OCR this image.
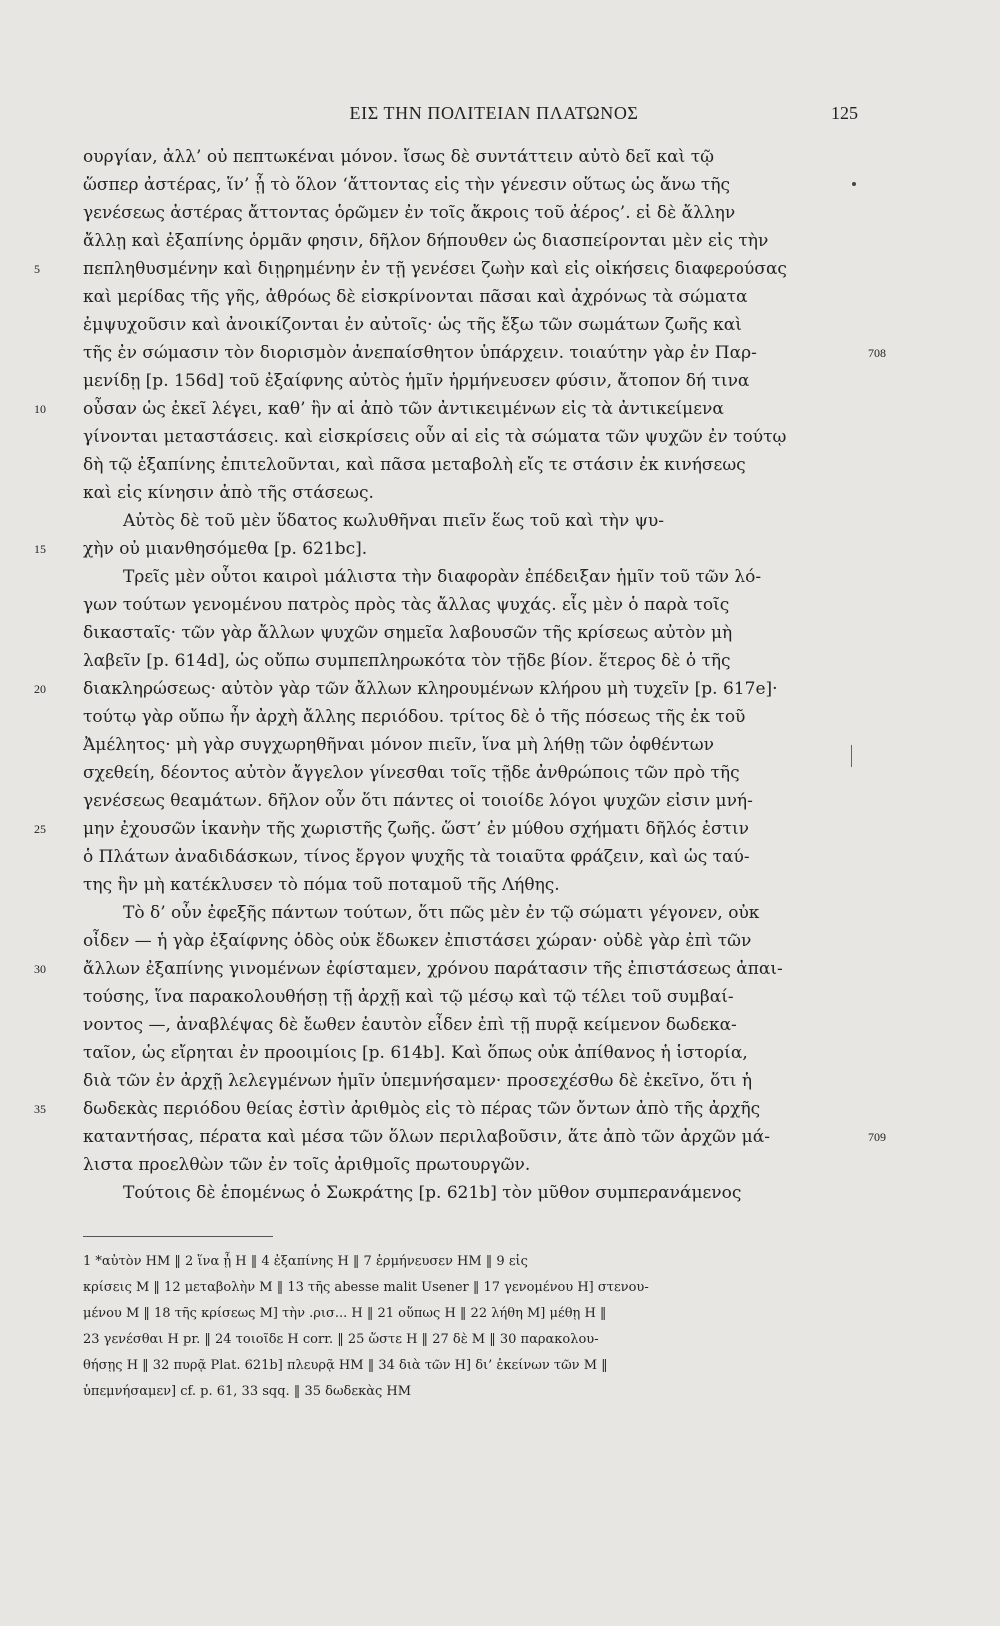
ΕΙΣ ΤΗΝ ΠΟΛΙΤΕΙΑΝ ΠΛΑΤΩΝΟΣ	125
ουργίαν, ἀλλ’ οὐ πεπτωκέναι μόνον. ἴσως δὲ συντάττειν αὐτὸ δεῖ καὶ τῷ
ὥσπερ ἀστέρας, ἵν’ ᾖ τὸ ὅλον ‘ἄττοντας εἰς τὴν γένεσιν οὕτως ὡς ἄνω τῆς
γενέσεως ἀστέρας ἄττοντας ὁρῶμεν ἐν τοῖς ἄκροις τοῦ ἀέρος’. εἰ δὲ ἄλλην
ἄλλῃ καὶ ἐξαπίνης ὁρμᾶν φησιν, δῆλον δήπουθεν ὡς διασπείρονται μὲν εἰς τὴν
πεπληθυσμένην καὶ διῃρημένην ἐν τῇ γενέσει ζωὴν καὶ εἰς οἰκήσεις διαφερούσας
καὶ μερίδας τῆς γῆς, ἀθρόως δὲ εἰσκρίνονται πᾶσαι καὶ ἀχρόνως τὰ σώματα
ἐμψυχοῦσιν καὶ ἀνοικίζονται ἐν αὐτοῖς· ὡς τῆς ἔξω τῶν σωμάτων ζωῆς καὶ
τῆς ἐν σώμασιν τὸν διορισμὸν ἀνεπαίσθητον ὑπάρχειν. τοιαύτην γὰρ ἐν Παρ-
μενίδῃ [p. 156d] τοῦ ἐξαίφνης αὐτὸς ἡμῖν ἡρμήνευσεν φύσιν, ἄτοπον δή τινα
οὖσαν ὡς ἐκεῖ λέγει, καθ’ ἣν αἱ ἀπὸ τῶν ἀντικειμένων εἰς τὰ ἀντικείμενα
γίνονται μεταστάσεις. καὶ εἰσκρίσεις οὖν αἱ εἰς τὰ σώματα τῶν ψυχῶν ἐν τούτῳ
δὴ τῷ ἐξαπίνης ἐπιτελοῦνται, καὶ πᾶσα μεταβολὴ εἴς τε στάσιν ἐκ κινήσεως
καὶ εἰς κίνησιν ἀπὸ τῆς στάσεως.
Αὐτὸς δὲ τοῦ μὲν ὕδατος κωλυθῆναι πιεῖν ἕως τοῦ καὶ τὴν ψυ-
χὴν οὐ μιανθησόμεθα [p. 621bc].
Τρεῖς μὲν οὗτοι καιροὶ μάλιστα τὴν διαφορὰν ἐπέδειξαν ἡμῖν τοῦ τῶν λό-
γων τούτων γενομένου πατρὸς πρὸς τὰς ἄλλας ψυχάς. εἷς μὲν ὁ παρὰ τοῖς
δικασταῖς· τῶν γὰρ ἄλλων ψυχῶν σημεῖα λαβουσῶν τῆς κρίσεως αὐτὸν μὴ
λαβεῖν [p. 614d], ὡς οὔπω συμπεπληρωκότα τὸν τῇδε βίον. ἕτερος δὲ ὁ τῆς
διακληρώσεως· αὐτὸν γὰρ τῶν ἄλλων κληρουμένων κλήρου μὴ τυχεῖν [p. 617e]·
τούτῳ γὰρ οὔπω ἦν ἀρχὴ ἄλλης περιόδου. τρίτος δὲ ὁ τῆς πόσεως τῆς ἐκ τοῦ
Ἀμέλητος· μὴ γὰρ συγχωρηθῆναι μόνον πιεῖν, ἵνα μὴ λήθῃ τῶν ὀφθέντων
σχεθείη, δέοντος αὐτὸν ἄγγελον γίνεσθαι τοῖς τῇδε ἀνθρώποις τῶν πρὸ τῆς
γενέσεως θεαμάτων. δῆλον οὖν ὅτι πάντες οἱ τοιοίδε λόγοι ψυχῶν εἰσιν μνή-
μην ἐχουσῶν ἱκανὴν τῆς χωριστῆς ζωῆς. ὥστ’ ἐν μύθου σχήματι δῆλός ἐστιν
ὁ Πλάτων ἀναδιδάσκων, τίνος ἔργον ψυχῆς τὰ τοιαῦτα φράζειν, καὶ ὡς ταύ-
της ἣν μὴ κατέκλυσεν τὸ πόμα τοῦ ποταμοῦ τῆς Λήθης.
Τὸ δ’ οὖν ἐφεξῆς πάντων τούτων, ὅτι πῶς μὲν ἐν τῷ σώματι γέγονεν, οὐκ
οἶδεν — ἡ γὰρ ἐξαίφνης ὁδὸς οὐκ ἔδωκεν ἐπιστάσει χώραν· οὐδὲ γὰρ ἐπὶ τῶν
ἄλλων ἐξαπίνης γινομένων ἐφίσταμεν, χρόνου παράτασιν τῆς ἐπιστάσεως ἀπαι-
τούσης, ἵνα παρακολουθήσῃ τῇ ἀρχῇ καὶ τῷ μέσῳ καὶ τῷ τέλει τοῦ συμβαί-
νοντος —, ἀναβλέψας δὲ ἔωθεν ἑαυτὸν εἶδεν ἐπὶ τῇ πυρᾷ κείμενον δωδεκα-
ταῖον, ὡς εἴρηται ἐν προοιμίοις [p. 614b]. Καὶ ὅπως οὐκ ἀπίθανος ἡ ἱστορία,
διὰ τῶν ἐν ἀρχῇ λελεγμένων ἡμῖν ὑπεμνήσαμεν· προσεχέσθω δὲ ἐκεῖνο, ὅτι ἡ
δωδεκὰς περιόδου θείας ἐστὶν ἀριθμὸς εἰς τὸ πέρας τῶν ὄντων ἀπὸ τῆς ἀρχῆς
καταντήσας, πέρατα καὶ μέσα τῶν ὅλων περιλαβοῦσιν, ἅτε ἀπὸ τῶν ἀρχῶν μά-
λιστα προελθὼν τῶν ἐν τοῖς ἀριθμοῖς πρωτουργῶν.
Τούτοις δὲ ἑπομένως ὁ Σωκράτης [p. 621b] τὸν μῦθον συμπερανάμενος
5
10
15
20
25
30
35
708
709
1 *αὑτὸν HM ‖ 2 ἵνα ᾖ H ‖ 4 ἐξαπίνης H ‖ 7 ἑρμήνευσεν HM ‖ 9 εἰς
κρίσεις M ‖ 12 μεταβολὴν M ‖ 13 τῆς abesse malit Usener ‖ 17 γενομένου H] στενου-
μένου M ‖ 18 τῆς κρίσεως M] τὴν .ρισ... H ‖ 21 οὕπως H ‖ 22 λήθη M] μέθῃ H ‖
23 γενέσθαι H pr. ‖ 24 τοιοῖδε H corr. ‖ 25 ὥστε H ‖ 27 δὲ M ‖ 30 παρακολου-
θήσῃς H ‖ 32 πυρᾷ Plat. 621b] πλευρᾷ HM ‖ 34 διὰ τῶν H] δι’ ἐκείνων τῶν M ‖
ὑπεμνήσαμεν] cf. p. 61, 33 sqq. ‖ 35 δωδεκὰς HM
